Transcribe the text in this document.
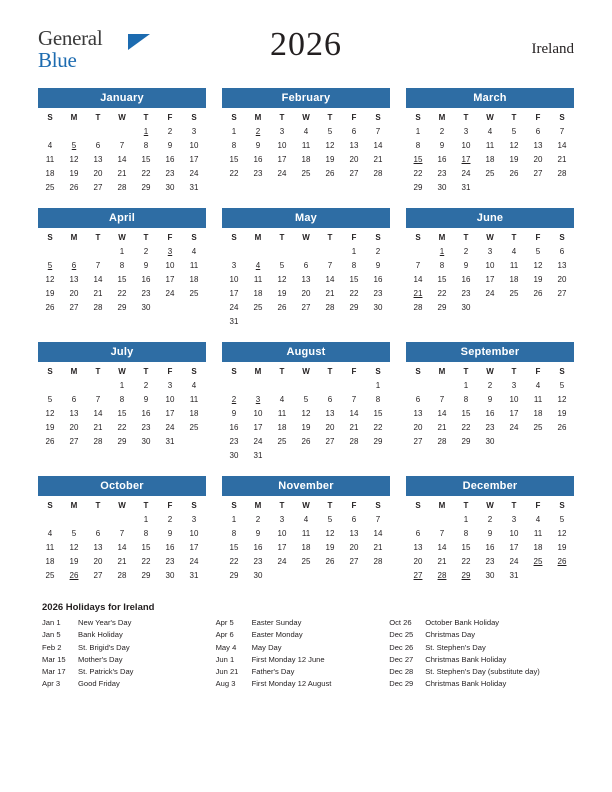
General
Blue	2026	Ireland
January
S	M	T	W	T	F	S
				1	2	3
4	5	6	7	8	9	10
11	12	13	14	15	16	17
18	19	20	21	22	23	24
25	26	27	28	29	30	31
February
S	M	T	W	T	F	S
1	2	3	4	5	6	7
8	9	10	11	12	13	14
15	16	17	18	19	20	21
22	23	24	25	26	27	28
March
S	M	T	W	T	F	S
1	2	3	4	5	6	7
8	9	10	11	12	13	14
15	16	17	18	19	20	21
22	23	24	25	26	27	28
29	30	31				
April
S	M	T	W	T	F	S
			1	2	3	4
5	6	7	8	9	10	11
12	13	14	15	16	17	18
19	20	21	22	23	24	25
26	27	28	29	30		
May
S	M	T	W	T	F	S
					1	2
3	4	5	6	7	8	9
10	11	12	13	14	15	16
17	18	19	20	21	22	23
24	25	26	27	28	29	30
31						
June
S	M	T	W	T	F	S
	1	2	3	4	5	6
7	8	9	10	11	12	13
14	15	16	17	18	19	20
21	22	23	24	25	26	27
28	29	30				
July
S	M	T	W	T	F	S
			1	2	3	4
5	6	7	8	9	10	11
12	13	14	15	16	17	18
19	20	21	22	23	24	25
26	27	28	29	30	31	
August
S	M	T	W	T	F	S
						1
2	3	4	5	6	7	8
9	10	11	12	13	14	15
16	17	18	19	20	21	22
23	24	25	26	27	28	29
30	31					
September
S	M	T	W	T	F	S
		1	2	3	4	5
6	7	8	9	10	11	12
13	14	15	16	17	18	19
20	21	22	23	24	25	26
27	28	29	30			
October
S	M	T	W	T	F	S
				1	2	3
4	5	6	7	8	9	10
11	12	13	14	15	16	17
18	19	20	21	22	23	24
25	26	27	28	29	30	31
November
S	M	T	W	T	F	S
1	2	3	4	5	6	7
8	9	10	11	12	13	14
15	16	17	18	19	20	21
22	23	24	25	26	27	28
29	30					
December
S	M	T	W	T	F	S
		1	2	3	4	5
6	7	8	9	10	11	12
13	14	15	16	17	18	19
20	21	22	23	24	25	26
27	28	29	30	31		
2026 Holidays for Ireland
Jan 1	New Year's Day
Jan 5	Bank Holiday
Feb 2	St. Brigid's Day
Mar 15	Mother's Day
Mar 17	St. Patrick's Day
Apr 3	Good Friday
Apr 5	Easter Sunday
Apr 6	Easter Monday
May 4	May Day
Jun 1	First Monday 12 June
Jun 21	Father's Day
Aug 3	First Monday 12 August
Oct 26	October Bank Holiday
Dec 25	Christmas Day
Dec 26	St. Stephen's Day
Dec 27	Christmas Bank Holiday
Dec 28	St. Stephen's Day (substitute day)
Dec 29	Christmas Bank Holiday
